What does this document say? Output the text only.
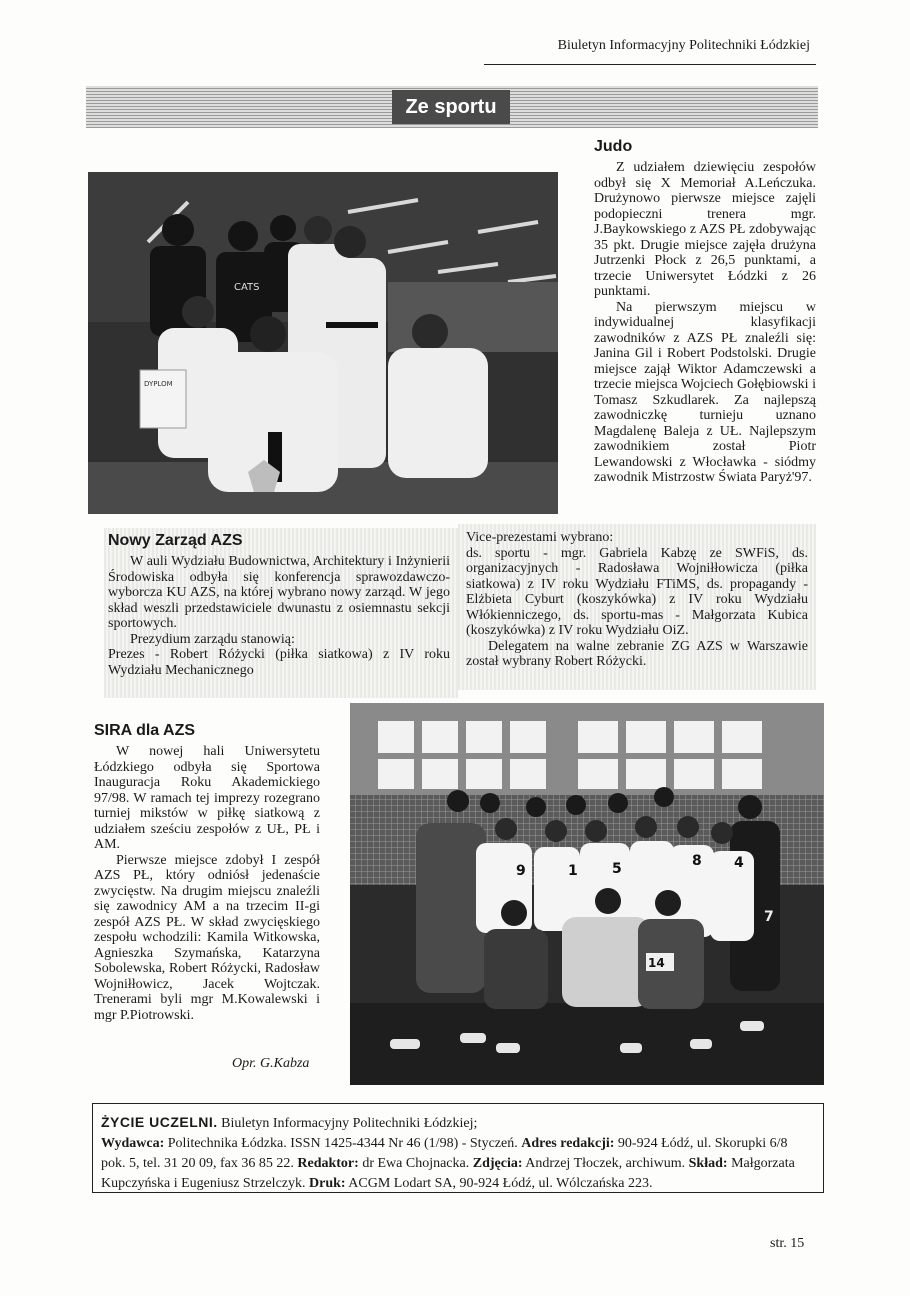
Biuletyn Informacyjny Politechniki Łódzkiej
Ze sportu
CATS
DYPLOM
Judo

Z udziałem dziewięciu zespołów odbył się X Memoriał A.Leńczuka. Drużynowo pierwsze miejsce zajęli podopieczni trenera mgr. J.Baykowskiego z AZS PŁ zdobywając 35 pkt. Drugie miejsce zajęła drużyna Jutrzenki Płock z 26,5 punktami, a trzecie Uniwersytet Łódzki z 26 punktami.

Na pierwszym miejscu w indywidualnej klasyfikacji zawodników z AZS PŁ znaleźli się: Janina Gil i Robert Podstolski. Drugie miejsce zajął Wiktor Adamczewski a trzecie miejsca Wojciech Gołębiowski i Tomasz Szkudlarek. Za najlepszą zawodniczkę turnieju uznano Magdalenę Baleja z UŁ. Najlepszym zawodnikiem został Piotr Lewandowski z Włocławka - siódmy zawodnik Mistrzostw Świata Paryż'97.

Nowy Zarząd AZS

W auli Wydziału Budownictwa, Architektury i Inżynierii Środowiska odbyła się konferencja sprawozdawczo-wyborcza KU AZS, na której wybrano nowy zarząd. W jego skład weszli przedstawiciele dwunastu z osiemnastu sekcji sportowych.

Prezydium zarządu stanowią:

Prezes - Robert Różycki (piłka siatkowa) z IV roku Wydziału Mechanicznego

Vice-prezestami wybrano:

ds. sportu - mgr. Gabriela Kabzę ze SWFiS, ds. organizacyjnych - Radosława Wojniłłowicza (piłka siatkowa) z IV roku Wydziału FTiMS, ds. propagandy - Elżbieta Cyburt (koszykówka) z IV roku Wydziału Włókienniczego, ds. sportu-mas - Małgorzata Kubica (koszykówka) z IV roku Wydziału OiZ.

Delegatem na walne zebranie ZG AZS w Warszawie został wybrany Robert Różycki.

SIRA dla AZS

W nowej hali Uniwersytetu Łódzkiego odbyła się Sportowa Inauguracja Roku Akademickiego 97/98. W ramach tej imprezy rozegrano turniej mikstów w piłkę siatkową z udziałem sześciu zespołów z UŁ, PŁ i AM.

Pierwsze miejsce zdobył I zespół AZS PŁ, który odniósł jedenaście zwycięstw. Na drugim miejscu znaleźli się zawodnicy AM a na trzecim II-gi zespół AZS PŁ. W skład zwycięskiego zespołu wchodzili: Kamila Witkowska, Agnieszka Szymańska, Katarzyna Sobolewska, Robert Różycki, Radosław Wojniłłowicz, Jacek Wojtczak. Trenerami byli mgr M.Kowalewski i mgr P.Piotrowski.

Opr. G.Kabza
9	1 5	8 4
7
14
ŻYCIE UCZELNI. Biuletyn Informacyjny Politechniki Łódzkiej;
Wydawca: Politechnika Łódzka. ISSN 1425-4344 Nr 46 (1/98) - Styczeń. Adres redakcji: 90-924 Łódź, ul. Skorupki 6/8 pok. 5, tel. 31 20 09, fax 36 85 22. Redaktor: dr Ewa Chojnacka. Zdjęcia: Andrzej Tłoczek, archiwum. Skład: Małgorzata Kupczyńska i Eugeniusz Strzelczyk. Druk: ACGM Lodart SA, 90-924 Łódź, ul. Wólczańska 223.
str. 15
